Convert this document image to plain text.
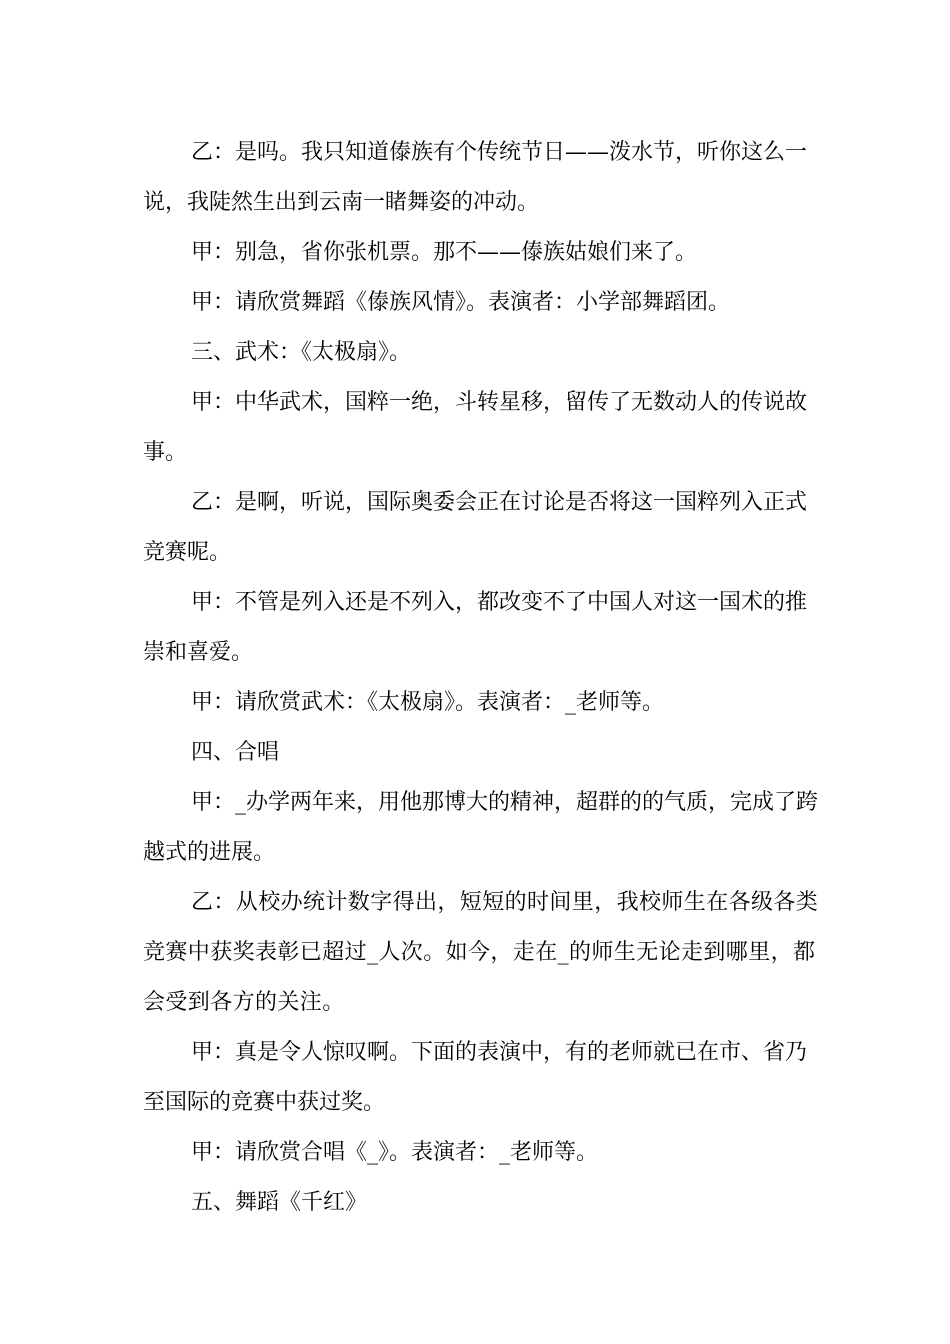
乙：是吗。我只知道傣族有个传统节日——泼水节，听你这么一说，我陡然生出到云南一睹舞姿的冲动。

甲：别急，省你张机票。那不——傣族姑娘们来了。

甲：请欣赏舞蹈《傣族风情》。表演者：小学部舞蹈团。

三、武术：《太极扇》。

甲：中华武术，国粹一绝，斗转星移，留传了无数动人的传说故事。

乙：是啊，听说，国际奥委会正在讨论是否将这一国粹列入正式竞赛呢。

甲：不管是列入还是不列入，都改变不了中国人对这一国术的推崇和喜爱。

甲：请欣赏武术：《太极扇》。表演者：_老师等。

四、合唱

甲：_办学两年来，用他那博大的精神，超群的的气质，完成了跨越式的进展。

乙：从校办统计数字得出，短短的时间里，我校师生在各级各类竞赛中获奖表彰已超过_人次。如今，走在_的师生无论走到哪里，都会受到各方的关注。

甲：真是令人惊叹啊。下面的表演中，有的老师就已在市、省乃至国际的竞赛中获过奖。

甲：请欣赏合唱《_》。表演者：_老师等。

五、舞蹈《千红》
